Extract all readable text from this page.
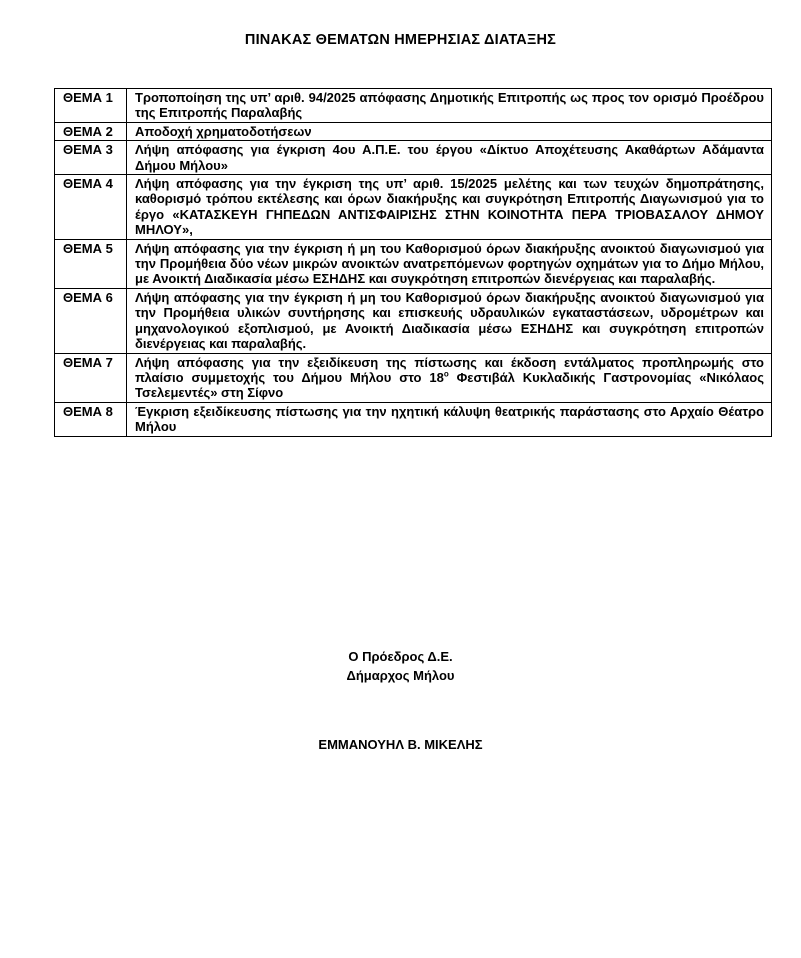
ΠΙΝΑΚΑΣ ΘΕΜΑΤΩΝ ΗΜΕΡΗΣΙΑΣ ΔΙΑΤΑΞΗΣ
ΘΕΜΑ 1	Τροποποίηση της υπ’ αριθ. 94/2025 απόφασης Δημοτικής Επιτροπής ως προς τον ορισμό Προέδρου της Επιτροπής Παραλαβής
ΘΕΜΑ 2	Αποδοχή χρηματοδοτήσεων
ΘΕΜΑ 3	Λήψη απόφασης για έγκριση 4ου Α.Π.Ε. του έργου «Δίκτυο Αποχέτευσης Ακαθάρτων Αδάμαντα Δήμου Μήλου»
ΘΕΜΑ 4	Λήψη απόφασης για την έγκριση της υπ’ αριθ. 15/2025 μελέτης και των τευχών δημοπράτησης, καθορισμό τρόπου εκτέλεσης και όρων διακήρυξης και συγκρότηση Επιτροπής Διαγωνισμού για το έργο «ΚΑΤΑΣΚΕΥΗ ΓΗΠΕΔΩΝ ΑΝΤΙΣΦΑΙΡΙΣΗΣ ΣΤΗΝ ΚΟΙΝΟΤΗΤΑ ΠΕΡΑ ΤΡΙΟΒΑΣΑΛΟΥ ΔΗΜΟΥ ΜΗΛΟΥ»,
ΘΕΜΑ 5	Λήψη απόφασης για την έγκριση ή μη του Καθορισμού όρων διακήρυξης ανοικτού διαγωνισμού για την Προμήθεια δύο νέων μικρών ανοικτών ανατρεπόμενων φορτηγών οχημάτων για το Δήμο Μήλου, με Ανοικτή Διαδικασία μέσω ΕΣΗΔΗΣ και συγκρότηση επιτροπών διενέργειας και παραλαβής.
ΘΕΜΑ 6	Λήψη απόφασης για την έγκριση ή μη του Καθορισμού όρων διακήρυξης ανοικτού διαγωνισμού για την Προμήθεια υλικών συντήρησης και επισκευής υδραυλικών εγκαταστάσεων, υδρομέτρων και μηχανολογικού εξοπλισμού, με Ανοικτή Διαδικασία μέσω ΕΣΗΔΗΣ και συγκρότηση επιτροπών διενέργειας και παραλαβής.
ΘΕΜΑ 7	Λήψη απόφασης για την εξειδίκευση της πίστωσης και έκδοση εντάλματος προπληρωμής στο πλαίσιο συμμετοχής του Δήμου Μήλου στο $18^o$ Φεστιβάλ Κυκλαδικής Γαστρονομίας «Νικόλαος Τσελεμεντές» στη Σίφνο
ΘΕΜΑ 8	Έγκριση εξειδίκευσης πίστωσης για την ηχητική κάλυψη θεατρικής παράστασης στο Αρχαίο Θέατρο Μήλου
Ο Πρόεδρος Δ.Ε.
Δήμαρχος Μήλου
ΕΜΜΑΝΟΥΗΛ Β. ΜΙΚΕΛΗΣ
